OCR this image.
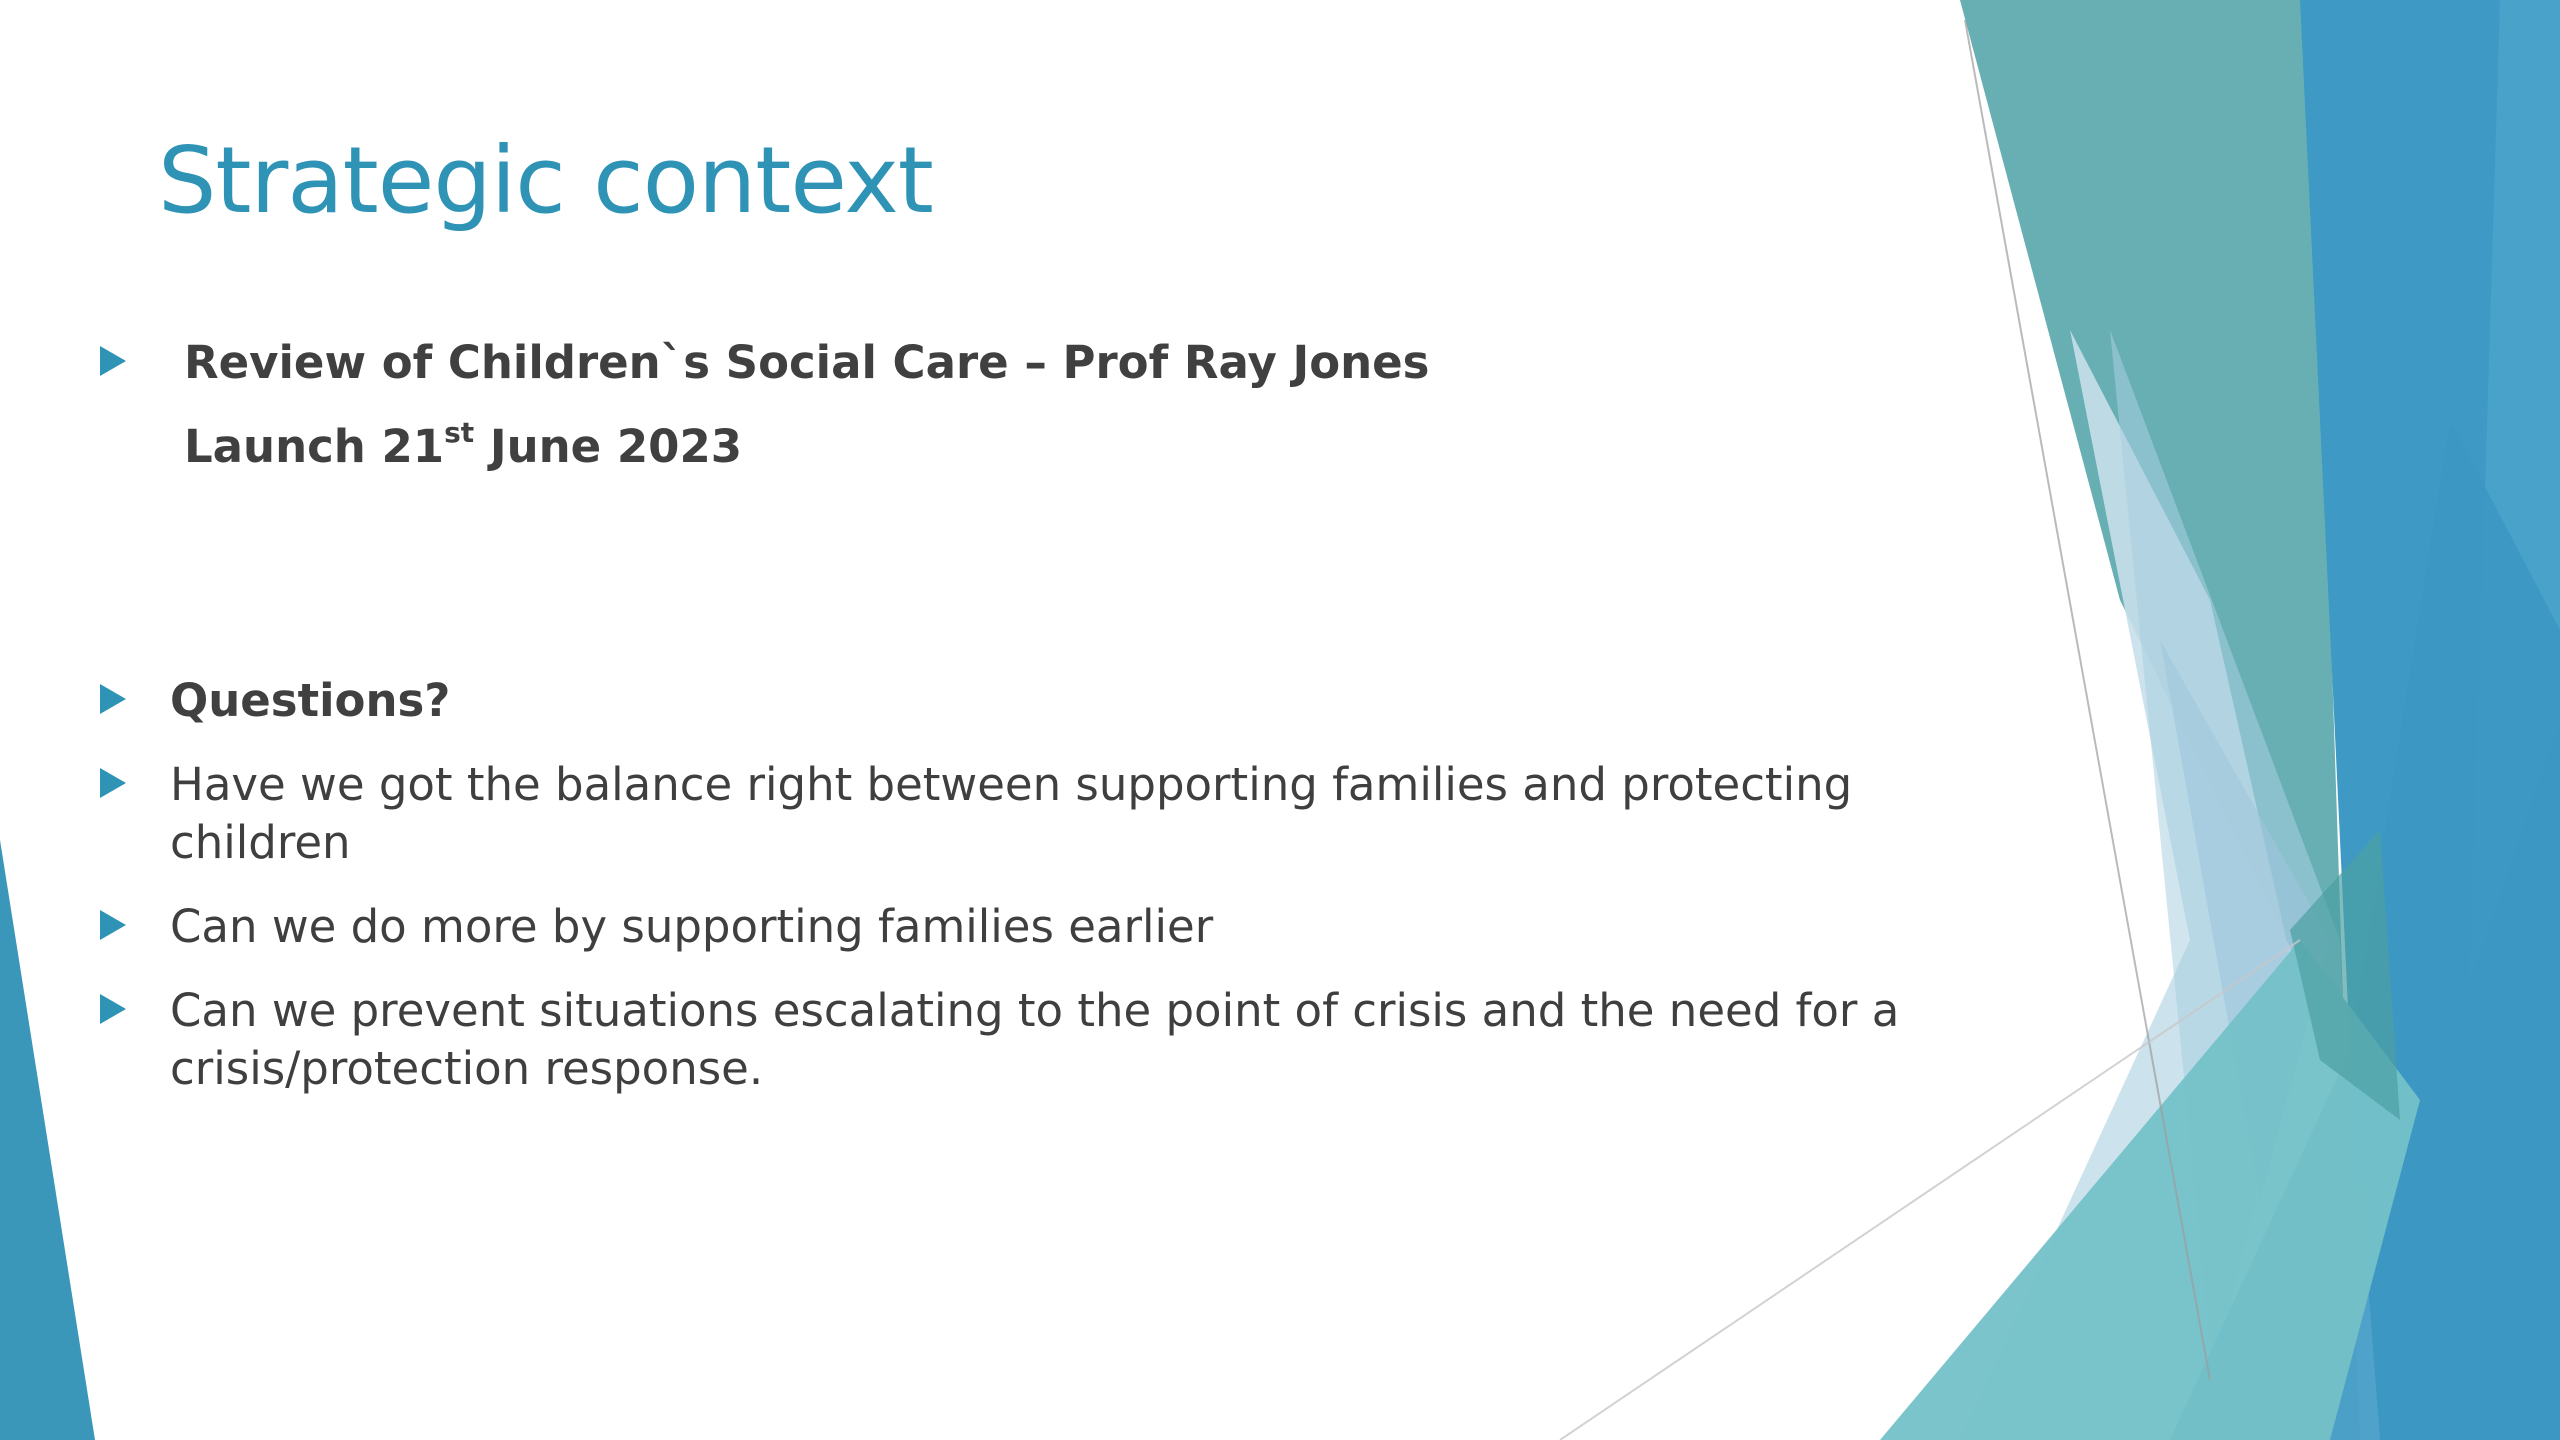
Strategic context
Review of Children`s Social Care – Prof Ray Jones
Launch 21st June 2023
Questions?
Have we got the balance right between supporting families and protecting children
Can we do more by supporting families earlier
Can we prevent situations escalating to the point of crisis and the need for a crisis/protection response.
